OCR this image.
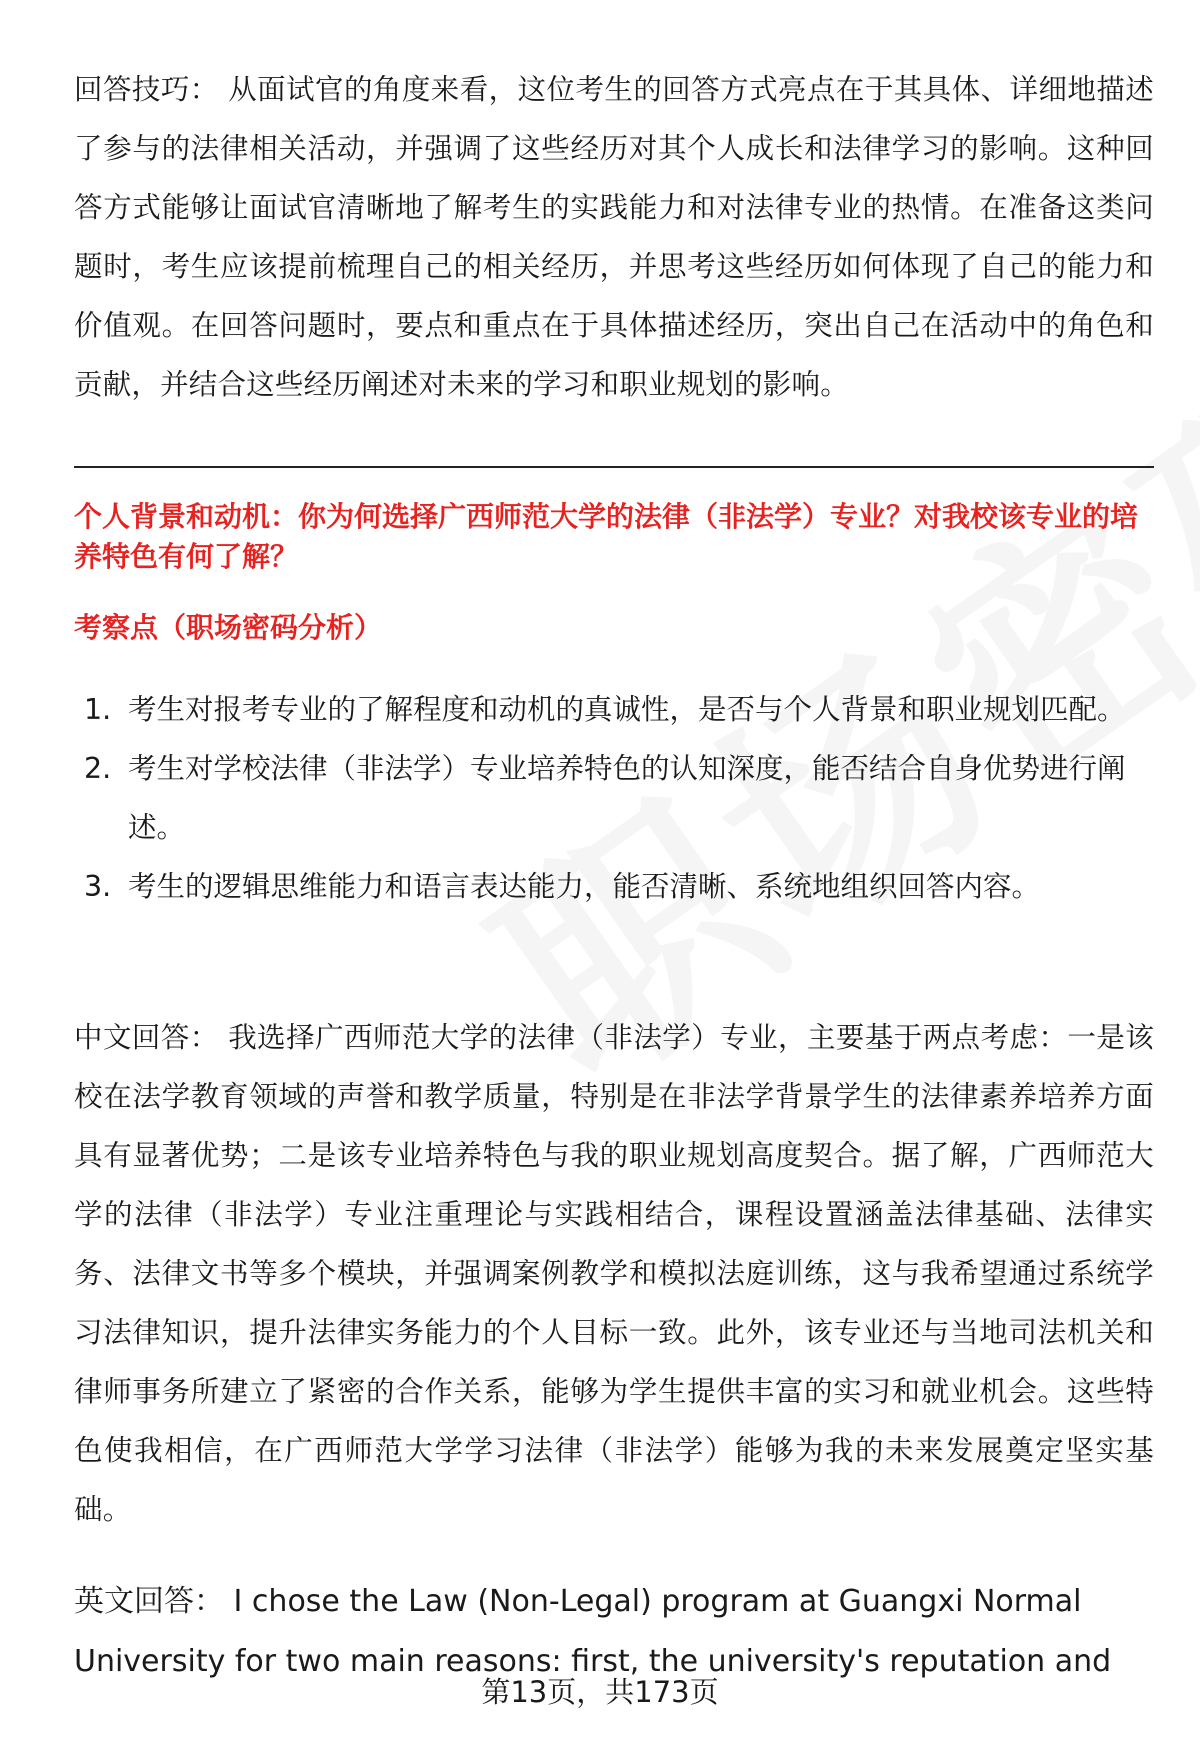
回答技巧： 从面试官的角度来看，这位考生的回答方式亮点在于其具体、详细地描述了参与的法律相关活动，并强调了这些经历对其个人成长和法律学习的影响。这种回答方式能够让面试官清晰地了解考生的实践能力和对法律专业的热情。在准备这类问题时，考生应该提前梳理自己的相关经历，并思考这些经历如何体现了自己的能力和价值观。在回答问题时，要点和重点在于具体描述经历，突出自己在活动中的角色和贡献，并结合这些经历阐述对未来的学习和职业规划的影响。
个人背景和动机：你为何选择广西师范大学的法律（非法学）专业？对我校该专业的培养特色有何了解？
考察点（职场密码分析）
1. 考生对报考专业的了解程度和动机的真诚性，是否与个人背景和职业规划匹配。
2. 考生对学校法律（非法学）专业培养特色的认知深度，能否结合自身优势进行阐述。
3. 考生的逻辑思维能力和语言表达能力，能否清晰、系统地组织回答内容。
中文回答： 我选择广西师范大学的法律（非法学）专业，主要基于两点考虑：一是该校在法学教育领域的声誉和教学质量，特别是在非法学背景学生的法律素养培养方面具有显著优势；二是该专业培养特色与我的职业规划高度契合。据了解，广西师范大学的法律（非法学）专业注重理论与实践相结合，课程设置涵盖法律基础、法律实务、法律文书等多个模块，并强调案例教学和模拟法庭训练，这与我希望通过系统学习法律知识，提升法律实务能力的个人目标一致。此外，该专业还与当地司法机关和律师事务所建立了紧密的合作关系，能够为学生提供丰富的实习和就业机会。这些特色使我相信，在广西师范大学学习法律（非法学）能够为我的未来发展奠定坚实基础。
英文回答： I chose the Law (Non-Legal) program at Guangxi Normal University for two main reasons: first, the university's reputation and
第13页，共173页
